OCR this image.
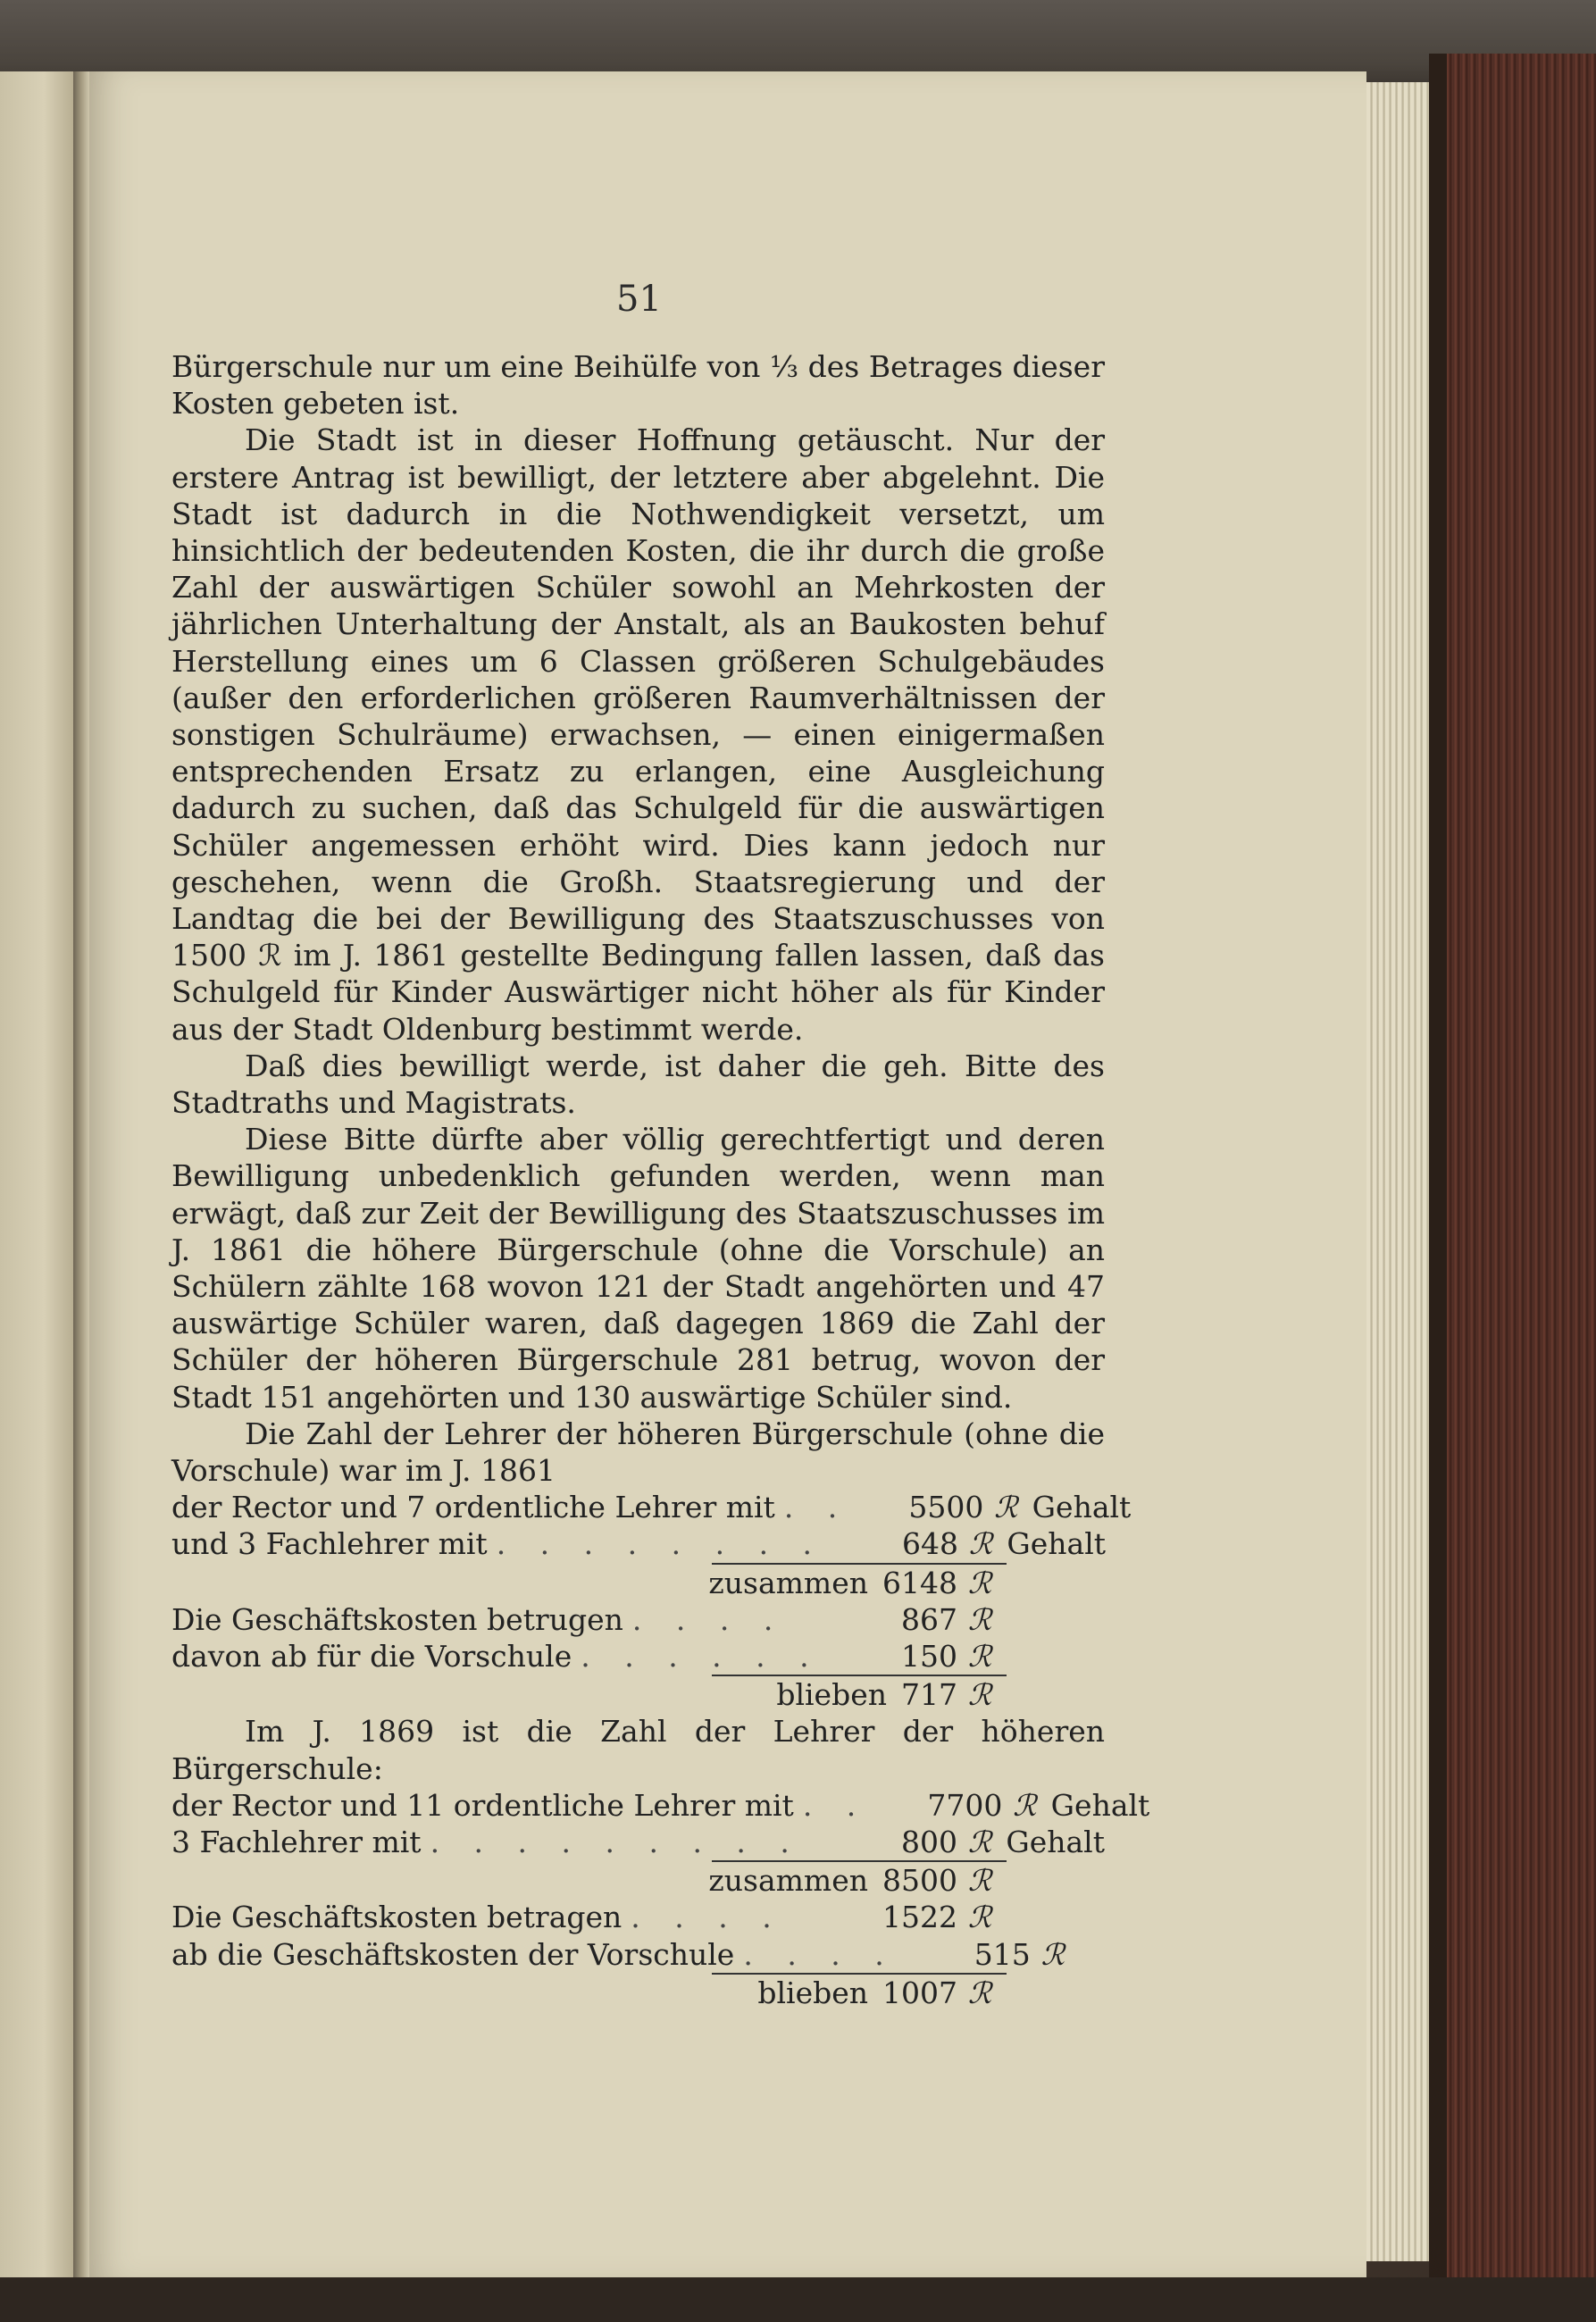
51

Bürgerschule nur um eine Beihülfe von ⅓ des Betrages dieser Kosten gebeten ist.

Die Stadt ist in dieser Hoffnung getäuscht. Nur der erstere Antrag ist bewilligt, der letztere aber abgelehnt. Die Stadt ist dadurch in die Nothwendigkeit versetzt, um hinsichtlich der bedeutenden Kosten, die ihr durch die große Zahl der auswärtigen Schüler sowohl an Mehrkosten der jährlichen Unterhaltung der Anstalt, als an Baukosten behuf Herstellung eines um 6 Classen größeren Schulgebäudes (außer den erforderlichen größeren Raumverhältnissen der sonstigen Schulräume) erwachsen, — einen einigermaßen entsprechenden Ersatz zu erlangen, eine Ausgleichung dadurch zu suchen, daß das Schulgeld für die auswärtigen Schüler angemessen erhöht wird. Dies kann jedoch nur geschehen, wenn die Großh. Staatsregierung und der Landtag die bei der Bewilligung des Staatszuschusses von 1500 ℛ im J. 1861 gestellte Bedingung fallen lassen, daß das Schulgeld für Kinder Auswärtiger nicht höher als für Kinder aus der Stadt Oldenburg bestimmt werde.

Daß dies bewilligt werde, ist daher die geh. Bitte des Stadtraths und Magistrats.

Diese Bitte dürfte aber völlig gerechtfertigt und deren Bewilligung unbedenklich gefunden werden, wenn man erwägt, daß zur Zeit der Bewilligung des Staatszuschusses im J. 1861 die höhere Bürgerschule (ohne die Vorschule) an Schülern zählte 168 wovon 121 der Stadt angehörten und 47 auswärtige Schüler waren, daß dagegen 1869 die Zahl der Schüler der höheren Bürgerschule 281 betrug, wovon der Stadt 151 angehörten und 130 auswärtige Schüler sind.

Die Zahl der Lehrer der höheren Bürgerschule (ohne die Vorschule) war im J. 1861

der Rector und 7 ordentliche Lehrer mit . .	5500 ℛ Gehalt
und 3 Fachlehrer mit . . . . . . . .	648 ℛ Gehalt
zusammen 6148 ℛ
Die Geschäftskosten betrugen . . . .	867 ℛ
davon ab für die Vorschule . . . . . .	150 ℛ
blieben 717 ℛ

Im J. 1869 ist die Zahl der Lehrer der höheren Bürgerschule:

der Rector und 11 ordentliche Lehrer mit . .	7700 ℛ Gehalt
3 Fachlehrer mit . . . . . . . . .	800 ℛ Gehalt
zusammen 8500 ℛ
Die Geschäftskosten betragen . . . .	1522 ℛ
ab die Geschäftskosten der Vorschule . . . .	515 ℛ
blieben 1007 ℛ
